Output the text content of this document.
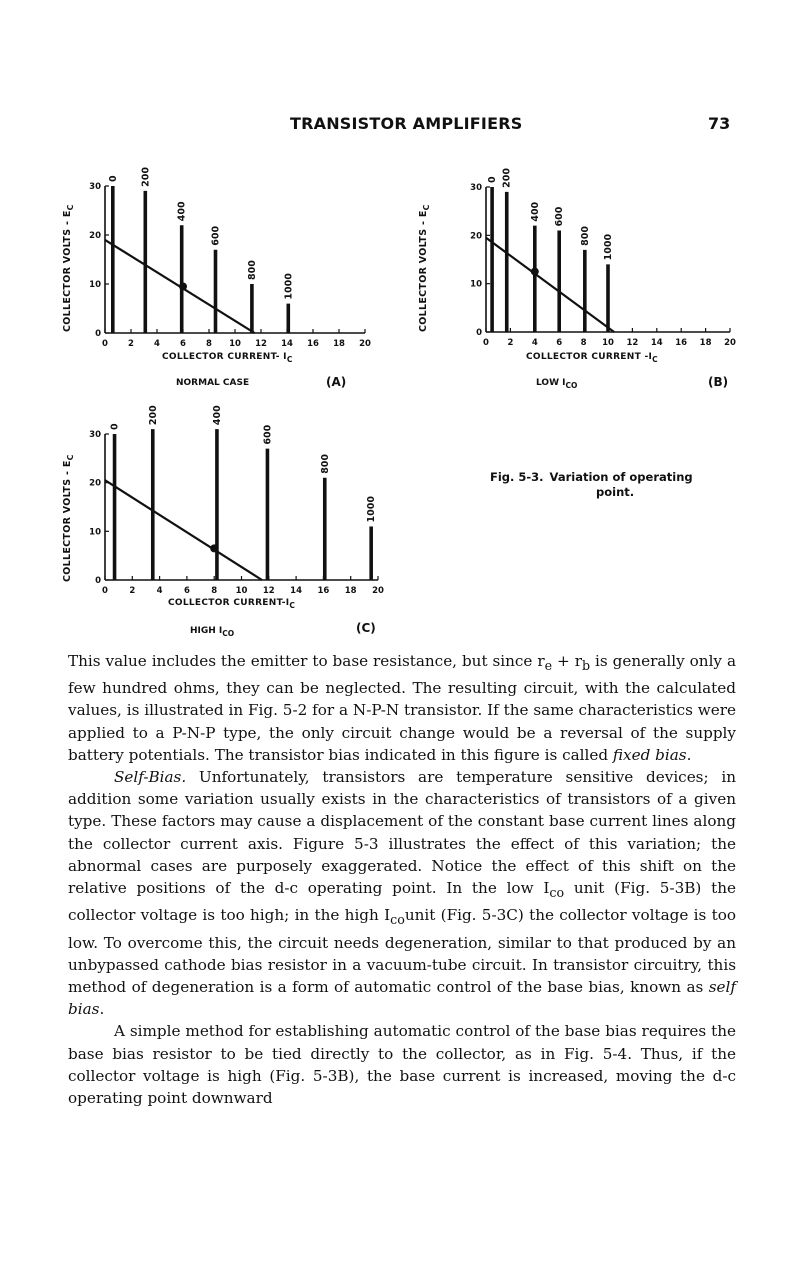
TRANSISTOR AMPLIFIERS	73
COLLECTOR VOLTS - $E_C$
0 2 4 6 8 10 12 14 16 18 20
0
10
20
30
0 200
400
600
800
1000
COLLECTOR CURRENT- $I_C$
NORMAL CASE	(A)
COLLECTOR VOLTS - $E_C$
0 2 4 6 8 10 12 14 16 18 20
0
10
20
30
0 200
400 600
800 1000
COLLECTOR CURRENT $-I_C$
LOW $I_{CO}$	(B)
COLLECTOR VOLTS - $E_C$
0	2	4	6	8 10 12 14 16 18 20
0
10
20
30
0
200	400
600
800
1000
COLLECTOR CURRENT-$I_C$
HIGH $I_{CO}$	(C)
Fig. 5-3. Variation of operating
point.

This value includes the emitter to base resistance, but since $r_e + r_b$ is generally only a few hundred ohms, they can be neglected. The resulting circuit, with the calculated values, is illustrated in Fig. 5-2 for a N-P-N transistor. If the same characteristics were applied to a P-N-P type, the only circuit change would be a reversal of the supply battery potentials. The transistor bias indicated in this figure is called fixed bias.

Self-Bias. Unfortunately, transistors are temperature sensitive devices; in addition some variation usually exists in the characteristics of transistors of a given type. These factors may cause a displacement of the constant base current lines along the collector current axis. Figure 5-3 illustrates the effect of this variation; the abnormal cases are purposely exaggerated. Notice the effect of this shift on the relative positions of the d-c operating point. In the low $I_{co}$ unit (Fig. 5-3B) the collector voltage is too high; in the high $I_{co}unit$ (Fig. 5-3C) the collector voltage is too low. To overcome this, the circuit needs degeneration, similar to that produced by an unbypassed cathode bias resistor in a vacuum-tube circuit. In transistor circuitry, this method of degeneration is a form of automatic control of the base bias, known as self bias.

A simple method for establishing automatic control of the base bias requires the base bias resistor to be tied directly to the collector, as in Fig. 5-4. Thus, if the collector voltage is high (Fig. 5-3B), the base current is increased, moving the d-c operating point downward
